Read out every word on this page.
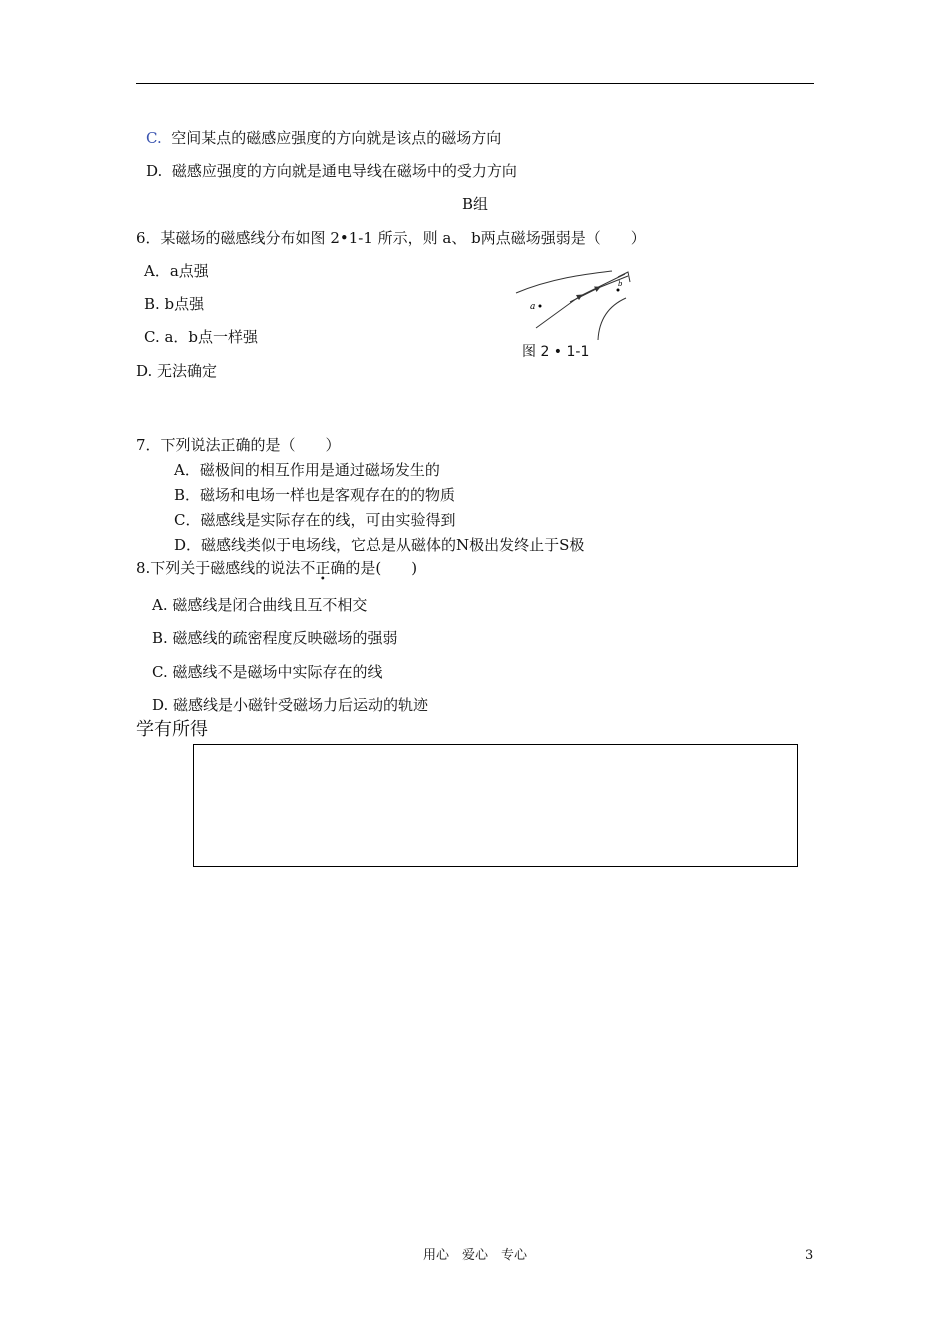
C. 空间某点的磁感应强度的方向就是该点的磁场方向
D. 磁感应强度的方向就是通电导线在磁场中的受力方向
B组
6．某磁场的磁感线分布如图 2•1-1 所示，则 a、 b两点磁场强弱是（　　）
A．a点强
B. b点强
C. a．b点一样强
D. 无法确定
a
b
图 2 • 1-1
7．下列说法正确的是（　　）
A．磁极间的相互作用是通过磁场发生的
B．磁场和电场一样也是客观存在的的物质
C．磁感线是实际存在的线，可由实验得到
D．磁感线类似于电场线，它总是从磁体的N极出发终止于S极
8.下列关于磁感线的说法不正确的是(　　)
A. 磁感线是闭合曲线且互不相交
B. 磁感线的疏密程度反映磁场的强弱
C. 磁感线不是磁场中实际存在的线
D. 磁感线是小磁针受磁场力后运动的轨迹
学有所得
用心　爱心　专心	3
